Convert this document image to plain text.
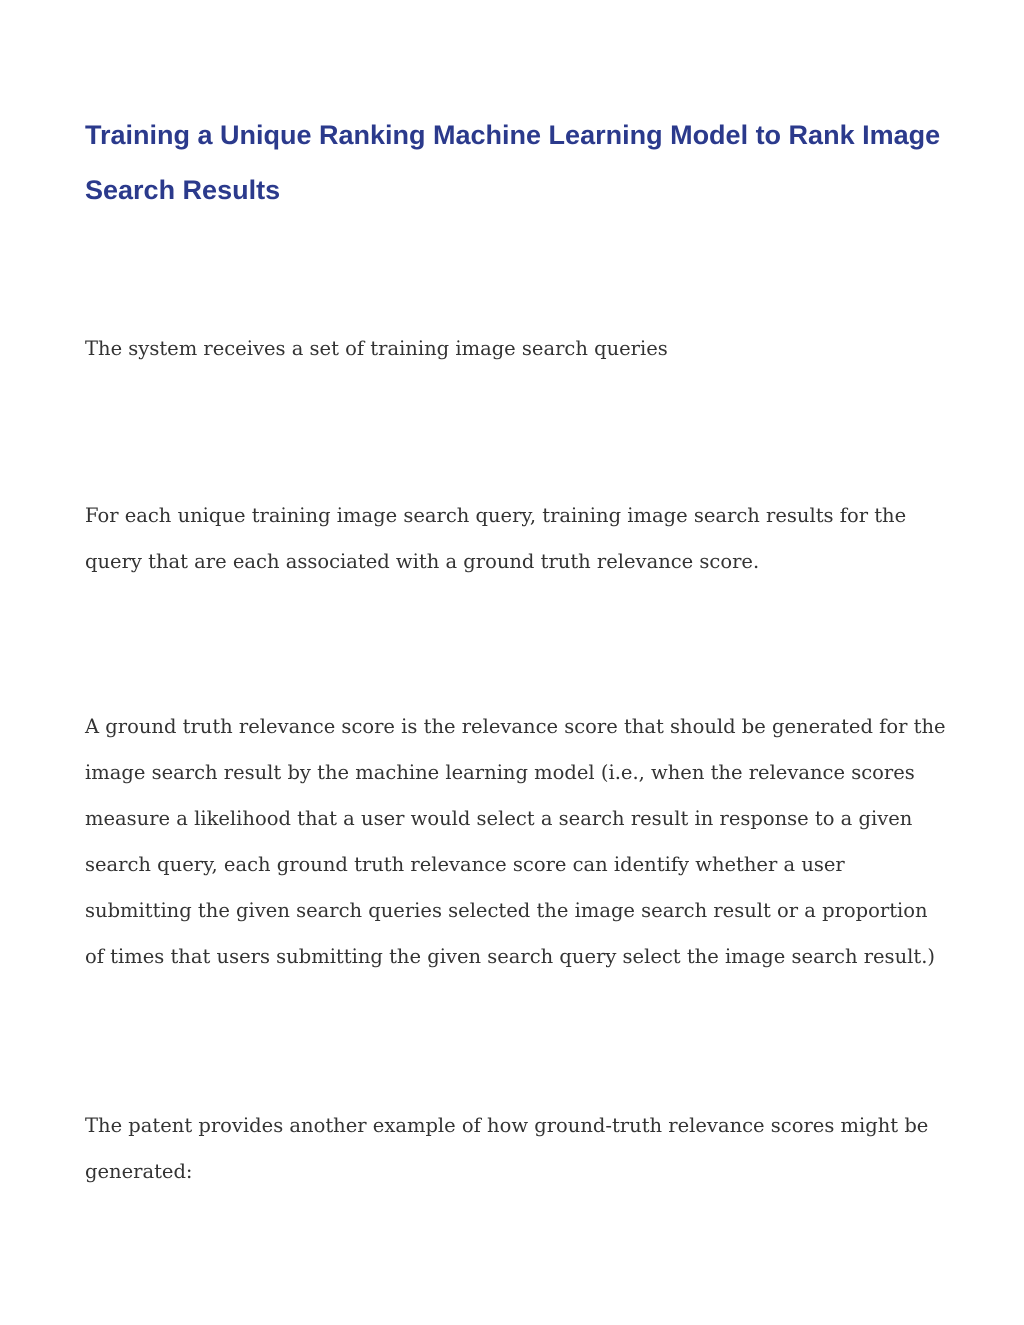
Training a Unique Ranking Machine Learning Model to Rank Image Search Results

The system receives a set of training image search queries

For each unique training image search query, training image search results for the
query that are each associated with a ground truth relevance score.

A ground truth relevance score is the relevance score that should be generated for the
image search result by the machine learning model (i.e., when the relevance scores
measure a likelihood that a user would select a search result in response to a given
search query, each ground truth relevance score can identify whether a user
submitting the given search queries selected the image search result or a proportion
of times that users submitting the given search query select the image search result.)

The patent provides another example of how ground-truth relevance scores might be
generated:
